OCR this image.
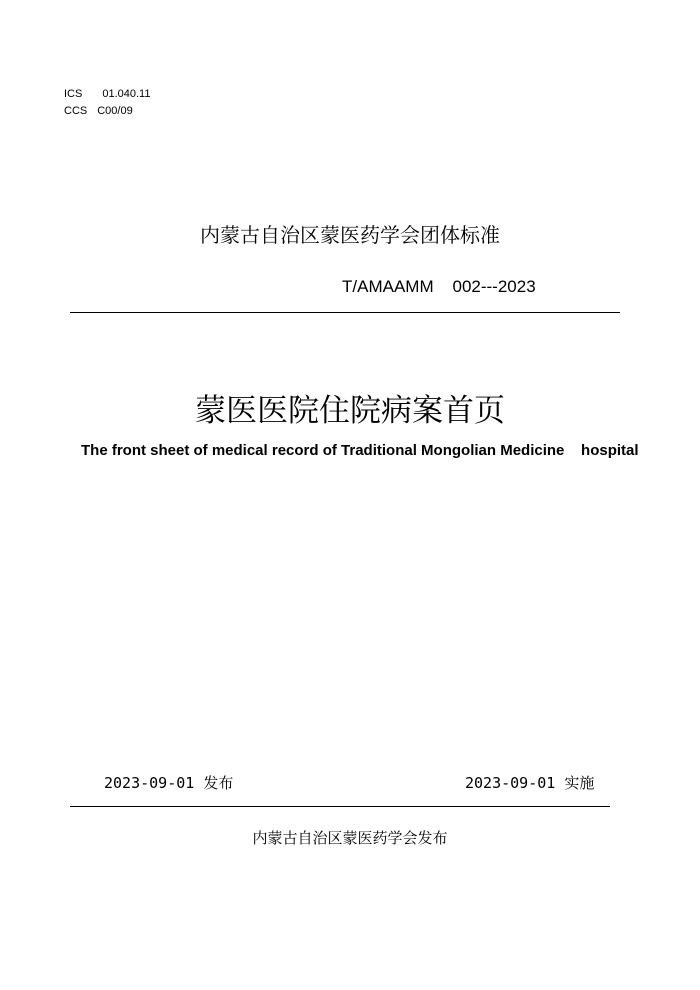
ICS 01.040.11
CCS C00/09
内蒙古自治区蒙医药学会团体标准
T/AMAAMM    002---2023
蒙医医院住院病案首页
The front sheet of medical record of Traditional Mongolian Medicine    hospital
2023-09-01 发布	2023-09-01 实施
内蒙古自治区蒙医药学会发布
